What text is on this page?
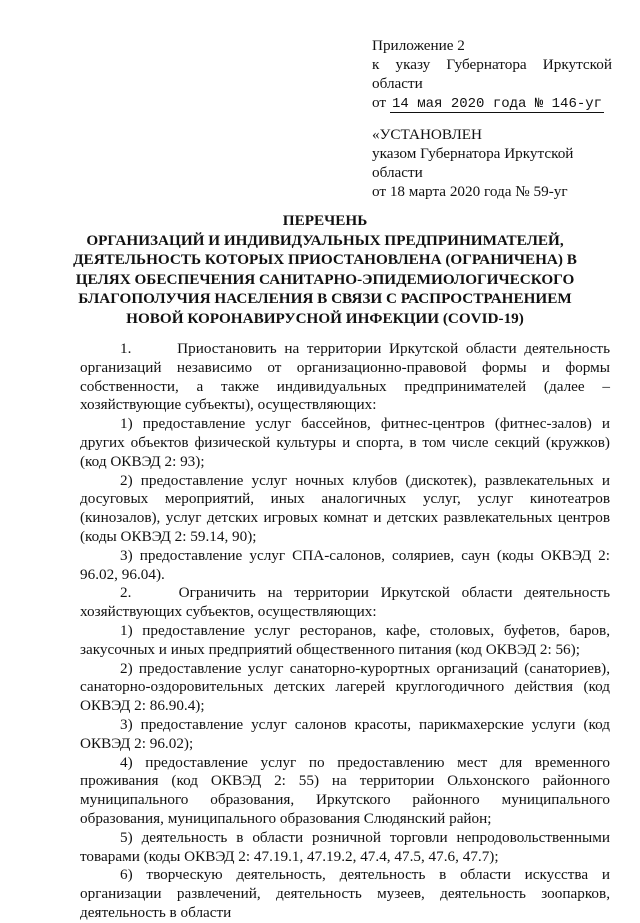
Приложение 2
к указу Губернатора Иркутской
области
от 14 мая 2020 года № 146-уг
«УСТАНОВЛЕН
указом Губернатора Иркутской
области
от 18 марта 2020 года № 59-уг
ПЕРЕЧЕНЬ
ОРГАНИЗАЦИЙ И ИНДИВИДУАЛЬНЫХ ПРЕДПРИНИМАТЕЛЕЙ,
ДЕЯТЕЛЬНОСТЬ КОТОРЫХ ПРИОСТАНОВЛЕНА (ОГРАНИЧЕНА) В
ЦЕЛЯХ ОБЕСПЕЧЕНИЯ САНИТАРНО-ЭПИДЕМИОЛОГИЧЕСКОГО
БЛАГОПОЛУЧИЯ НАСЕЛЕНИЯ В СВЯЗИ С РАСПРОСТРАНЕНИЕМ
НОВОЙ КОРОНАВИРУСНОЙ ИНФЕКЦИИ (COVID-19)

1.      Приостановить на территории Иркутской области деятельность организаций независимо от организационно-правовой формы и формы собственности, а также индивидуальных предпринимателей (далее – хозяйствующие субъекты), осуществляющих:

1) предоставление услуг бассейнов, фитнес-центров (фитнес-залов) и других объектов физической культуры и спорта, в том числе секций (кружков) (код ОКВЭД 2: 93);

2) предоставление услуг ночных клубов (дискотек), развлекательных и досуговых мероприятий, иных аналогичных услуг, услуг кинотеатров (кинозалов), услуг детских игровых комнат и детских развлекательных центров (коды ОКВЭД 2: 59.14, 90);

3) предоставление услуг СПА-салонов, соляриев, саун (коды ОКВЭД 2: 96.02, 96.04).

2.    Ограничить на территории Иркутской области деятельность хозяйствующих субъектов, осуществляющих:

1) предоставление услуг ресторанов, кафе, столовых, буфетов, баров, закусочных и иных предприятий общественного питания (код ОКВЭД 2: 56);

2) предоставление услуг санаторно-курортных организаций (санаториев), санаторно-оздоровительных детских лагерей круглогодичного действия (код ОКВЭД 2: 86.90.4);

3) предоставление услуг салонов красоты, парикмахерские услуги (код ОКВЭД 2: 96.02);

4) предоставление услуг по предоставлению мест для временного проживания (код ОКВЭД 2: 55) на территории Ольхонского районного муниципального образования, Иркутского районного муниципального образования, муниципального образования Слюдянский район;

5) деятельность в области розничной торговли непродовольственными товарами (коды ОКВЭД 2: 47.19.1, 47.19.2, 47.4, 47.5, 47.6, 47.7);

6) творческую деятельность, деятельность в области искусства и организации развлечений, деятельность музеев, деятельность зоопарков, деятельность в области
